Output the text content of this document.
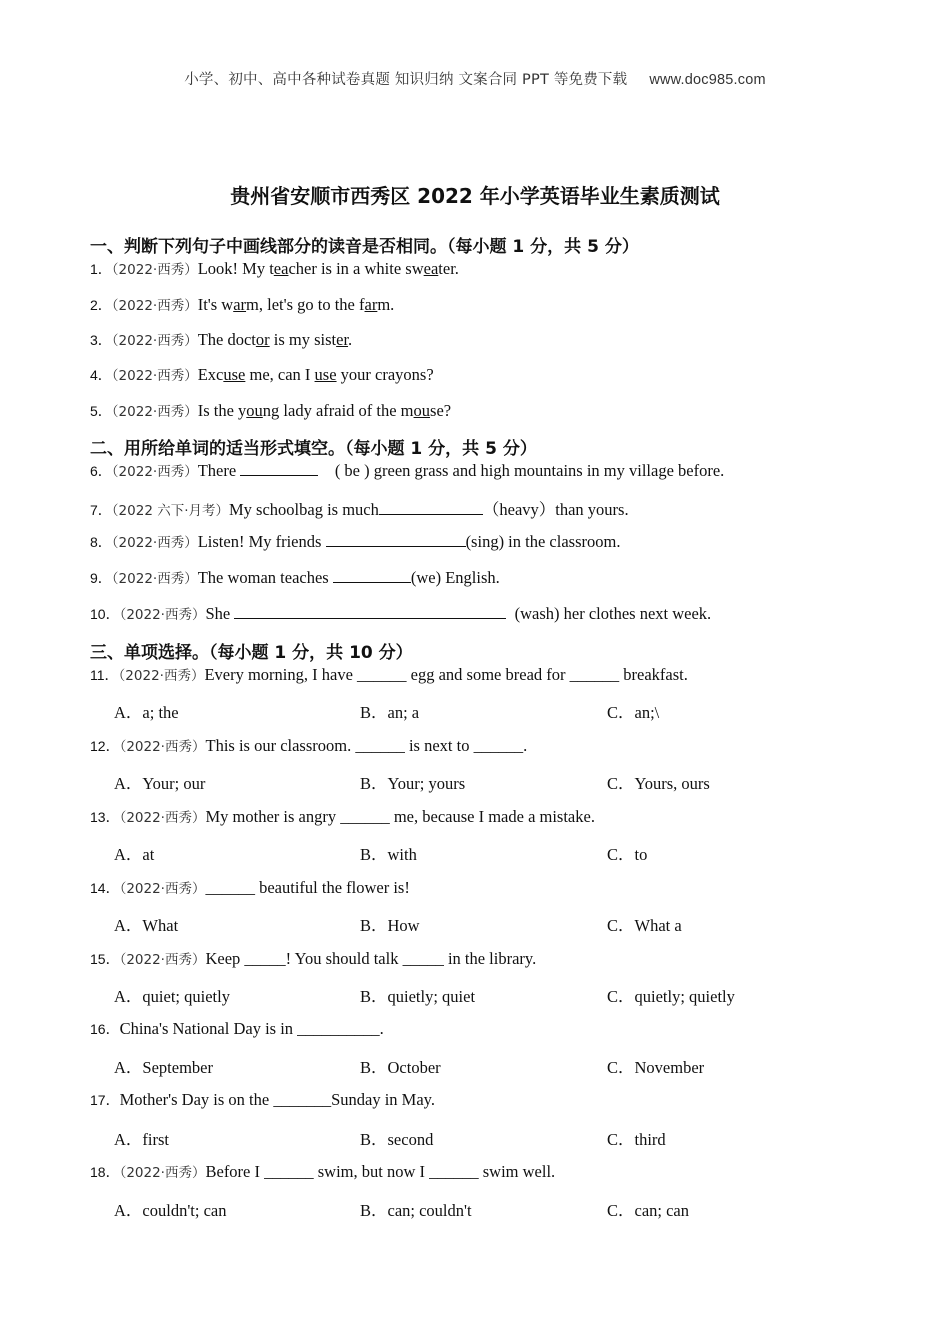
小学、初中、高中各种试卷真题 知识归纳 文案合同 PPT 等免费下载 www.doc985.com
贵州省安顺市西秀区 2022 年小学英语毕业生素质测试
一、判断下列句子中画线部分的读音是否相同。（每小题 1 分，共 5 分）
1．（2022·西秀）Look! My teacher is in a white sweater.
2．（2022·西秀）It's warm, let's go to the farm.
3．（2022·西秀）The doctor is my sister.
4．（2022·西秀）Excuse me, can I use your crayons?
5．（2022·西秀）Is the young lady afraid of the mouse?
二、用所给单词的适当形式填空。（每小题 1 分，共 5 分）
6．（2022·西秀）There	( be ) green grass and high mountains in my village before.
7．（2022 六下·月考）My schoolbag is much	（heavy）than yours.
8．（2022·西秀）Listen! My friends	(sing) in the classroom.
9．（2022·西秀）The woman teaches	(we) English.
10．（2022·西秀）She	(wash) her clothes next week.
三、单项选择。（每小题 1 分，共 10 分）
11．（2022·西秀）Every morning, I have ______ egg and some bread for ______ breakfast.
A．a; the	B．an; a	C．an;\
12．（2022·西秀）This is our classroom. ______ is next to ______.
A．Your; our	B．Your; yours	C．Yours, ours
13．（2022·西秀）My mother is angry ______ me, because I made a mistake.
A．at	B．with	C．to
14．（2022·西秀）______ beautiful the flower is!
A．What	B．How	C．What a
15．（2022·西秀）Keep _____! You should talk _____ in the library.
A．quiet; quietly	B．quietly; quiet	C．quietly; quietly
16．China's National Day is in __________.
A．September	B．October	C．November
17．Mother's Day is on the _______Sunday in May.
A．first	B．second	C．third
18．（2022·西秀）Before I ______ swim, but now I ______ swim well.
A．couldn't; can	B．can; couldn't	C．can; can
